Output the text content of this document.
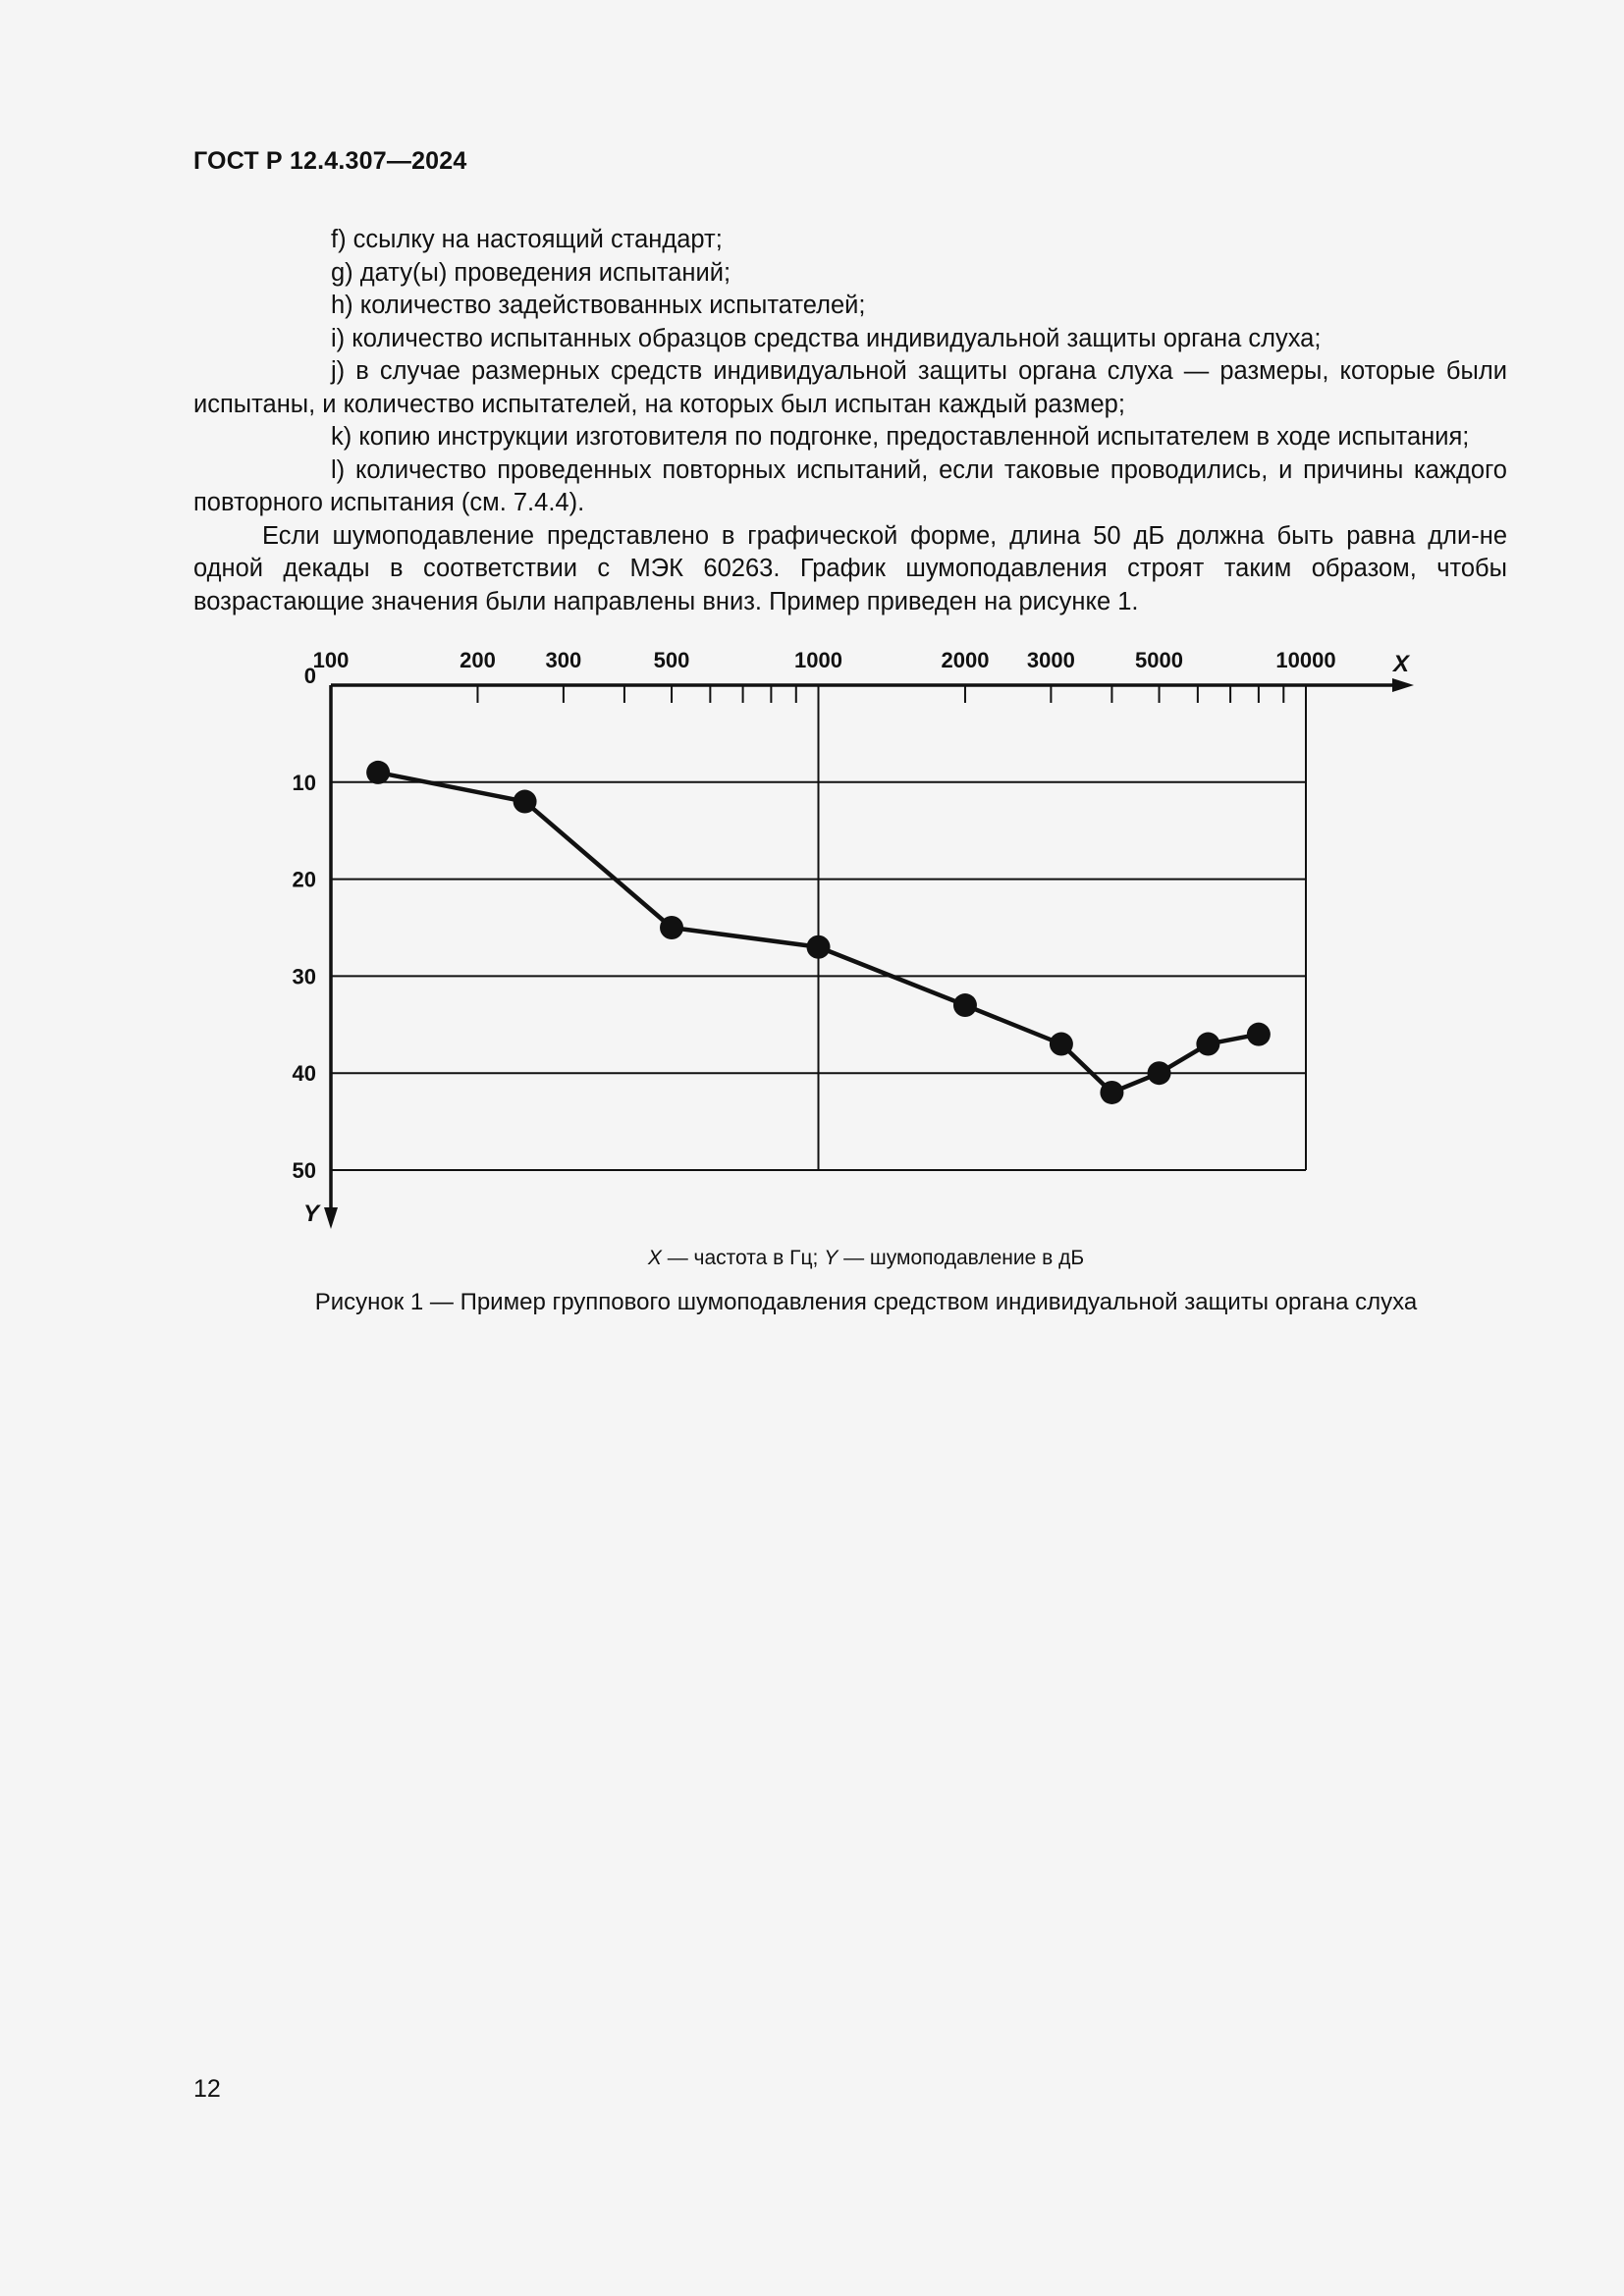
ГОСТ Р 12.4.307—2024

f) ссылку на настоящий стандарт;

g) дату(ы) проведения испытаний;

h) количество задействованных испытателей;

i) количество испытанных образцов средства индивидуальной защиты органа слуха;

j) в случае размерных средств индивидуальной защиты органа слуха — размеры, которые были испытаны, и количество испытателей, на которых был испытан каждый размер;

k) копию инструкции изготовителя по подгонке, предоставленной испытателем в ходе испытания;

l) количество проведенных повторных испытаний, если таковые проводились, и причины каждого повторного испытания (см. 7.4.4).

Если шумоподавление представлено в графической форме, длина 50 дБ должна быть равна дли-не одной декады в соответствии с МЭК 60263. График шумоподавления строят таким образом, чтобы возрастающие значения были направлены вниз. Пример приведен на рисунке 1.

100	200 300	500	1000	2000 3000	5000	10000
0
10
20
30
40
50
X
Y
X — частота в Гц; Y — шумоподавление в дБ
Рисунок 1 — Пример группового шумоподавления средством индивидуальной защиты органа слуха
12
